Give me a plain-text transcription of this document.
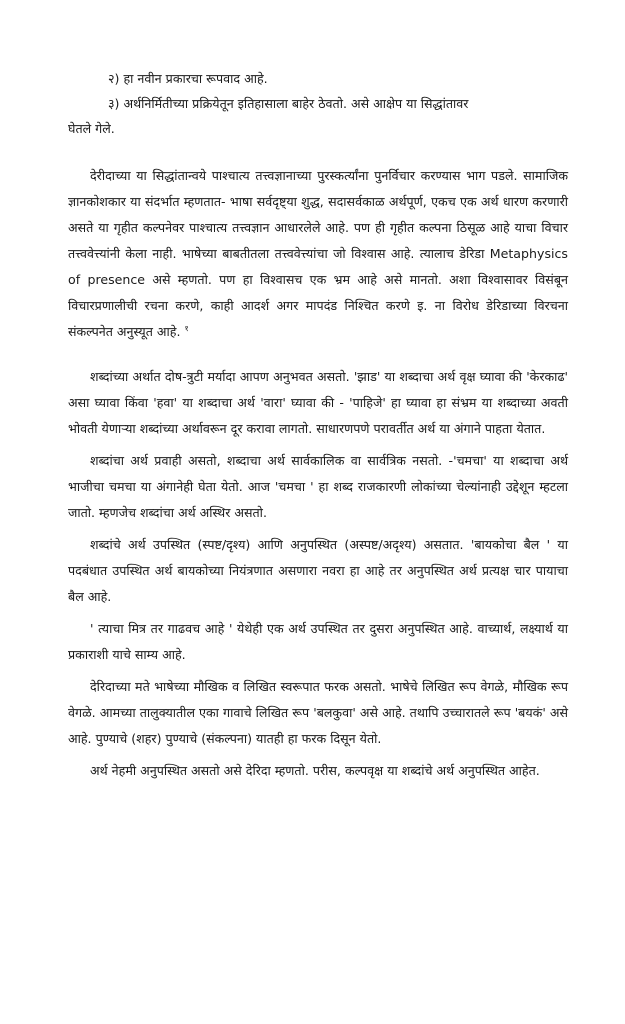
२) हा नवीन प्रकारचा रूपवाद आहे.

३) अर्थनिर्मितीच्या प्रक्रियेतून इतिहासाला बाहेर ठेवतो. असे आक्षेप या सिद्धांतावर

घेतले गेले.

देरीदाच्या या सिद्धांतान्वये पाश्चात्य तत्त्वज्ञानाच्या पुरस्कर्त्यांना पुनर्विचार करण्यास भाग पडले. सामाजिक ज्ञानकोशकार या संदर्भात म्हणतात- भाषा सर्वदृष्ट्या शुद्ध, सदासर्वकाळ अर्थपूर्ण, एकच एक अर्थ धारण करणारी असते या गृहीत कल्पनेवर पाश्चात्य तत्त्वज्ञान आधारलेले आहे. पण ही गृहीत कल्पना ठिसूळ आहे याचा विचार तत्त्ववेत्त्यांनी केला नाही. भाषेच्या बाबतीतला तत्त्ववेत्त्यांचा जो विश्वास आहे. त्यालाच डेरिडा Metaphysics of presence असे म्हणतो. पण हा विश्वासच एक भ्रम आहे असे मानतो. अशा विश्वासावर विसंबून विचारप्रणालीची रचना करणे, काही आदर्श अगर मापदंड निश्चित करणे इ. ना विरोध डेरिडाच्या विरचना संकल्पनेत अनुस्यूत आहे. $^१$

शब्दांच्या अर्थात दोष-त्रुटी मर्यादा आपण अनुभवत असतो. 'झाड' या शब्दाचा अर्थ वृक्ष घ्यावा की 'केरकाढ' असा घ्यावा किंवा 'हवा' या शब्दाचा अर्थ 'वारा' घ्यावा की - 'पाहिजे' हा घ्यावा हा संभ्रम या शब्दाच्या अवती भोवती येणाऱ्या शब्दांच्या अर्थावरून दूर करावा लागतो. साधारणपणे परावर्तीत अर्थ या अंगाने पाहता येतात.

शब्दांचा अर्थ प्रवाही असतो, शब्दाचा अर्थ सार्वकालिक वा सार्वत्रिक नसतो. -'चमचा' या शब्दाचा अर्थ भाजीचा चमचा या अंगानेही घेता येतो. आज 'चमचा ' हा शब्द राजकारणी लोकांच्या चेल्यांनाही उद्देशून म्हटला जातो. म्हणजेच शब्दांचा अर्थ अस्थिर असतो.

शब्दांचे अर्थ उपस्थित (स्पष्ट/दृश्य) आणि अनुपस्थित (अस्पष्ट/अदृश्य) असतात. 'बायकोचा बैल ' या पदबंधात उपस्थित अर्थ बायकोच्या नियंत्रणात असणारा नवरा हा आहे तर अनुपस्थित अर्थ प्रत्यक्ष चार पायाचा बैल आहे.

' त्याचा मित्र तर गाढवच आहे ' येथेही एक अर्थ उपस्थित तर दुसरा अनुपस्थित आहे. वाच्यार्थ, लक्ष्यार्थ या प्रकाराशी याचे साम्य आहे.

देरिदाच्या मते भाषेच्या मौखिक व लिखित स्वरूपात फरक असतो. भाषेचे लिखित रूप वेगळे, मौखिक रूप वेगळे. आमच्या तालुक्यातील एका गावाचे लिखित रूप 'बलकुवा' असे आहे. तथापि उच्चारातले रूप 'बयकं' असे आहे. पुण्याचे (शहर) पुण्याचे (संकल्पना) यातही हा फरक दिसून येतो.

अर्थ नेहमी अनुपस्थित असतो असे देरिदा म्हणतो. परीस, कल्पवृक्ष या शब्दांचे अर्थ अनुपस्थित आहेत.
